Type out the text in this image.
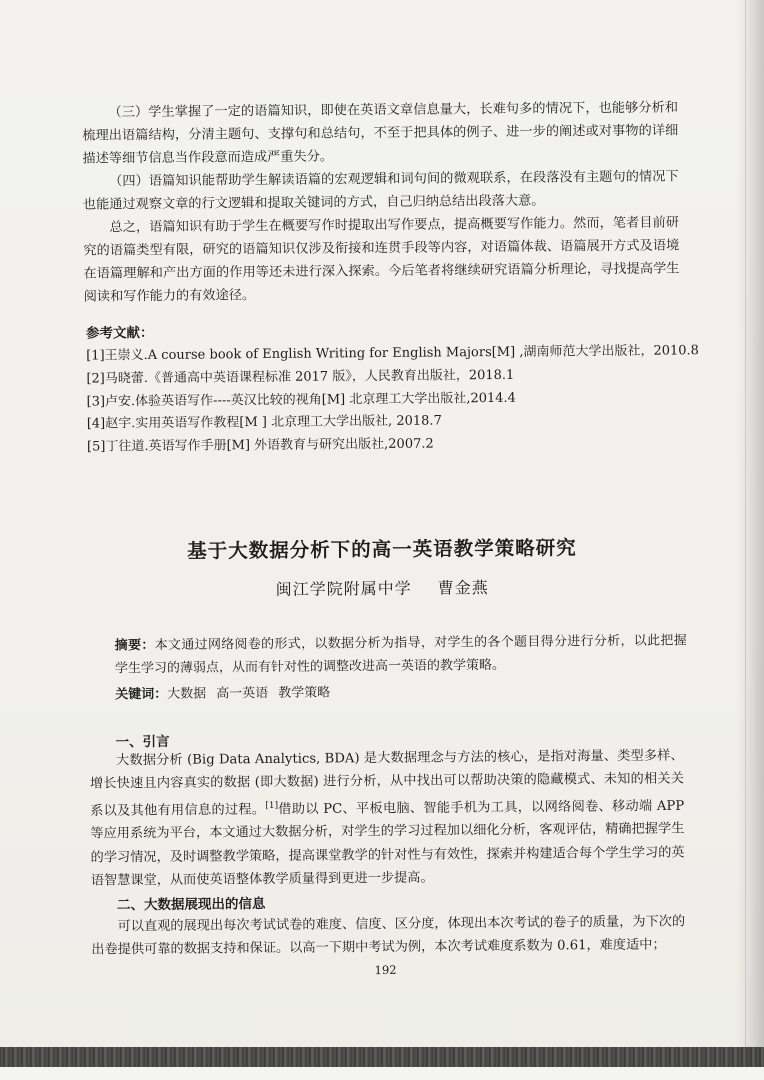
（三）学生掌握了一定的语篇知识，即使在英语文章信息量大，长难句多的情况下，也能够分析和梳理出语篇结构，分清主题句、支撑句和总结句，不至于把具体的例子、进一步的阐述或对事物的详细描述等细节信息当作段意而造成严重失分。

（四）语篇知识能帮助学生解读语篇的宏观逻辑和词句间的微观联系，在段落没有主题句的情况下也能通过观察文章的行文逻辑和提取关键词的方式，自己归纳总结出段落大意。

总之，语篇知识有助于学生在概要写作时提取出写作要点，提高概要写作能力。然而，笔者目前研究的语篇类型有限，研究的语篇知识仅涉及衔接和连贯手段等内容，对语篇体裁、语篇展开方式及语境在语篇理解和产出方面的作用等还未进行深入探索。今后笔者将继续研究语篇分析理论，寻找提高学生阅读和写作能力的有效途径。

参考文献：
[1]王崇义.A course book of English Writing for English Majors[M] ,湖南师范大学出版社，2010.8
[2]马晓蕾.《普通高中英语课程标准 2017 版》，人民教育出版社，2018.1
[3]卢安.体验英语写作----英汉比较的视角[M] 北京理工大学出版社,2014.4
[4]赵宇.实用英语写作教程[M ] 北京理工大学出版社, 2018.7
[5]丁往道.英语写作手册[M] 外语教育与研究出版社,2007.2
基于大数据分析下的高一英语教学策略研究
闽江学院附属中学 曹金燕
摘要：本文通过网络阅卷的形式，以数据分析为指导，对学生的各个题目得分进行分析，以此把握学生学习的薄弱点，从而有针对性的调整改进高一英语的教学策略。
关键词：大数据 高一英语 教学策略
一、引言

大数据分析 (Big Data Analytics, BDA) 是大数据理念与方法的核心，是指对海量、类型多样、增长快速且内容真实的数据 (即大数据) 进行分析，从中找出可以帮助决策的隐藏模式、未知的相关关系以及其他有用信息的过程。[1]借助以 PC、平板电脑、智能手机为工具，以网络阅卷、移动端 APP 等应用系统为平台，本文通过大数据分析，对学生的学习过程加以细化分析，客观评估，精确把握学生的学习情况，及时调整教学策略，提高课堂教学的针对性与有效性，探索并构建适合每个学生学习的英语智慧课堂，从而使英语整体教学质量得到更进一步提高。

二、大数据展现出的信息

可以直观的展现出每次考试试卷的难度、信度、区分度，体现出本次考试的卷子的质量，为下次的出卷提供可靠的数据支持和保证。以高一下期中考试为例，本次考试难度系数为 0.61，难度适中；

192
